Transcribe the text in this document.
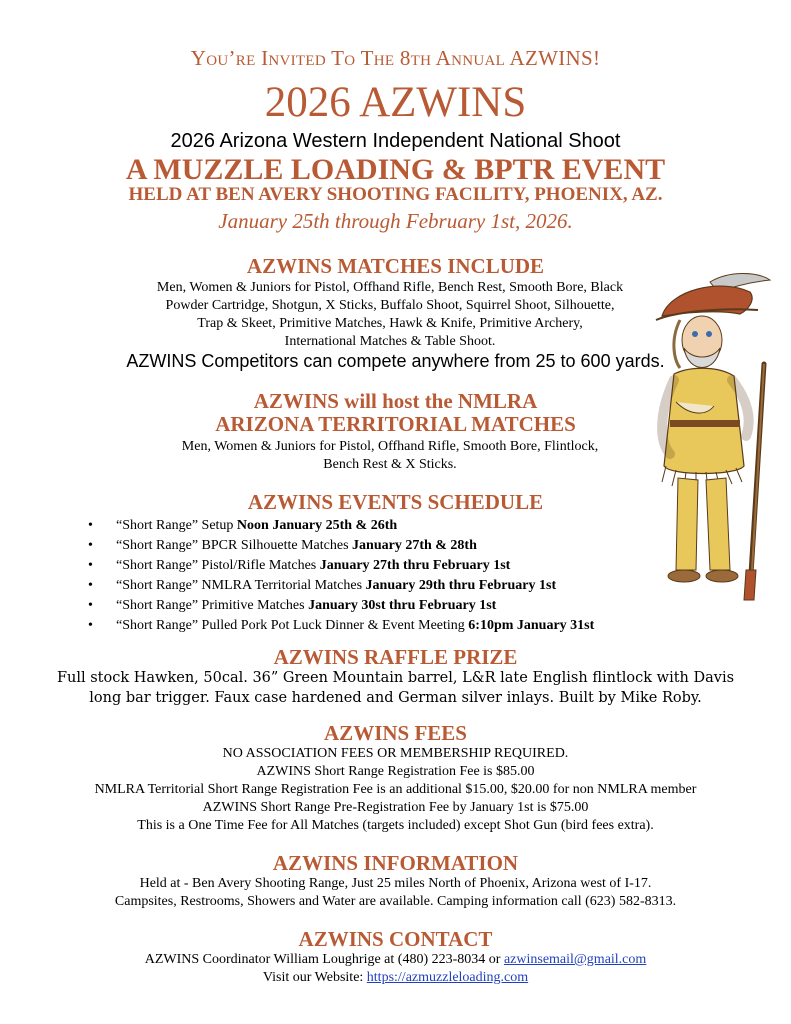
You’re Invited To The 8th Annual AZWINS!
2026 AZWINS
2026 Arizona Western Independent National Shoot
A MUZZLE LOADING & BPTR EVENT
HELD AT BEN AVERY SHOOTING FACILITY, PHOENIX, AZ.
January 25th through February 1st, 2026.
AZWINS MATCHES INCLUDE
Men, Women & Juniors for Pistol, Offhand Rifle, Bench Rest, Smooth Bore, Black
Powder Cartridge, Shotgun, X Sticks, Buffalo Shoot, Squirrel Shoot, Silhouette,
Trap & Skeet, Primitive Matches, Hawk & Knife, Primitive Archery,
International Matches & Table Shoot.
AZWINS Competitors can compete anywhere from 25 to 600 yards.
AZWINS will host the NMLRA
ARIZONA TERRITORIAL MATCHES
Men, Women & Juniors for Pistol, Offhand Rifle, Smooth Bore, Flintlock,
Bench Rest & X Sticks.
AZWINS EVENTS SCHEDULE
• “Short Range” Setup Noon January 25th & 26th
• “Short Range” BPCR Silhouette Matches January 27th & 28th
• “Short Range” Pistol/Rifle Matches January 27th thru February 1st
• “Short Range” NMLRA Territorial Matches January 29th thru February 1st
• “Short Range” Primitive Matches January 30st thru February 1st
• “Short Range” Pulled Pork Pot Luck Dinner & Event Meeting 6:10pm January 31st
AZWINS RAFFLE PRIZE
Full stock Hawken, 50cal. 36” Green Mountain barrel, L&R late English flintlock with Davis
long bar trigger. Faux case hardened and German silver inlays. Built by Mike Roby.
AZWINS FEES
NO ASSOCIATION FEES OR MEMBERSHIP REQUIRED.
AZWINS Short Range Registration Fee is $85.00
NMLRA Territorial Short Range Registration Fee is an additional $15.00, $20.00 for non NMLRA member
AZWINS Short Range Pre-Registration Fee by January 1st is $75.00
This is a One Time Fee for All Matches (targets included) except Shot Gun (bird fees extra).
AZWINS INFORMATION
Held at - Ben Avery Shooting Range, Just 25 miles North of Phoenix, Arizona west of I-17.
Campsites, Restrooms, Showers and Water are available. Camping information call (623) 582-8313.
AZWINS CONTACT
AZWINS Coordinator William Loughrige at (480) 223-8034 or azwinsemail@gmail.com
Visit our Website: https://azmuzzleloading.com
